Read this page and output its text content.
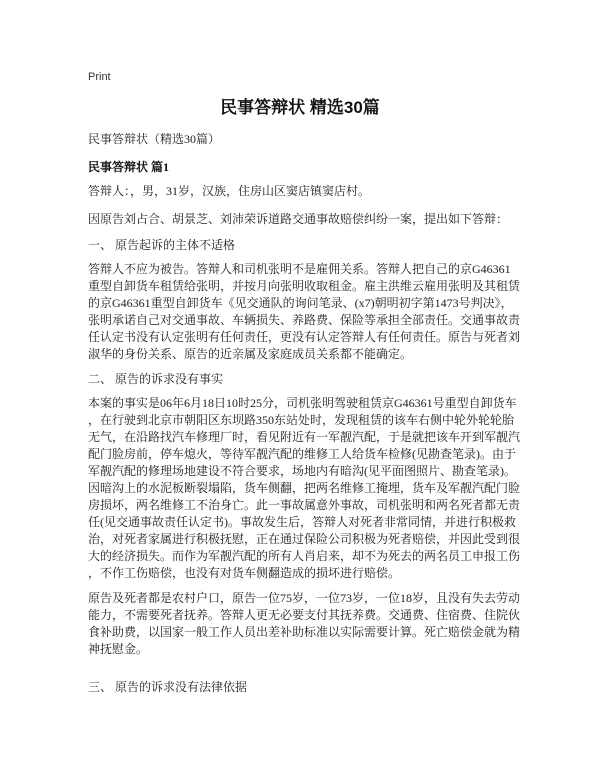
Print
民事答辩状 精选30篇

民事答辩状（精选30篇）

民事答辩状 篇1

答辩人：，男，31岁，汉族，住房山区窦店镇窦店村。

因原告刘占合、胡景芝、刘沛荣诉道路交通事故赔偿纠纷一案，提出如下答辩：

一、 原告起诉的主体不适格

答辩人不应为被告。答辩人和司机张明不是雇佣关系。答辩人把自己的京G46361
重型自卸货车租赁给张明，并按月向张明收取租金。雇主洪维云雇用张明及其租赁
的京G46361重型自卸货车《见交通队的询问笔录、(x7)朝明初字第1473号判决》，
张明承诺自己对交通事故、车辆损失、养路费、保险等承担全部责任。交通事故责
任认定书没有认定张明有任何责任，更没有认定答辩人有任何责任。原告与死者刘
淑华的身份关系、原告的近亲属及家庭成员关系都不能确定。

二、 原告的诉求没有事实

本案的事实是06年6月18日10时25分，司机张明驾驶租赁京G46361号重型自卸货车
，在行驶到北京市朝阳区东坝路350东站处时，发现租赁的该车右侧中轮外轮轮胎
无气，在沿路找汽车修理厂时，看见附近有一军靓汽配，于是就把该车开到军靓汽
配门脸房前，停车熄火，等待军靓汽配的维修工人给货车检修(见勘查笔录)。由于
军靓汽配的修理场地建设不符合要求，场地内有暗沟(见平面图照片、勘查笔录)。
因暗沟上的水泥板断裂塌陷，货车侧翻，把两名维修工掩埋，货车及军靓汽配门脸
房损坏，两名维修工不治身亡。此一事故属意外事故，司机张明和两名死者都无责
任(见交通事故责任认定书)。事故发生后，答辩人对死者非常同情，并进行积极救
治，对死者家属进行积极抚慰，正在通过保险公司积极为死者赔偿，并因此受到很
大的经济损失。而作为军靓汽配的所有人肖启来，却不为死去的两名员工申报工伤
，不作工伤赔偿，也没有对货车侧翻造成的损坏进行赔偿。
原告及死者都是农村户口，原告一位75岁，一位73岁，一位18岁，且没有失去劳动
能力，不需要死者抚养。答辩人更无必要支付其抚养费。交通费、住宿费、住院伙
食补助费，以国家一般工作人员出差补助标准以实际需要计算。死亡赔偿金就为精
神抚慰金。

三、 原告的诉求没有法律依据
